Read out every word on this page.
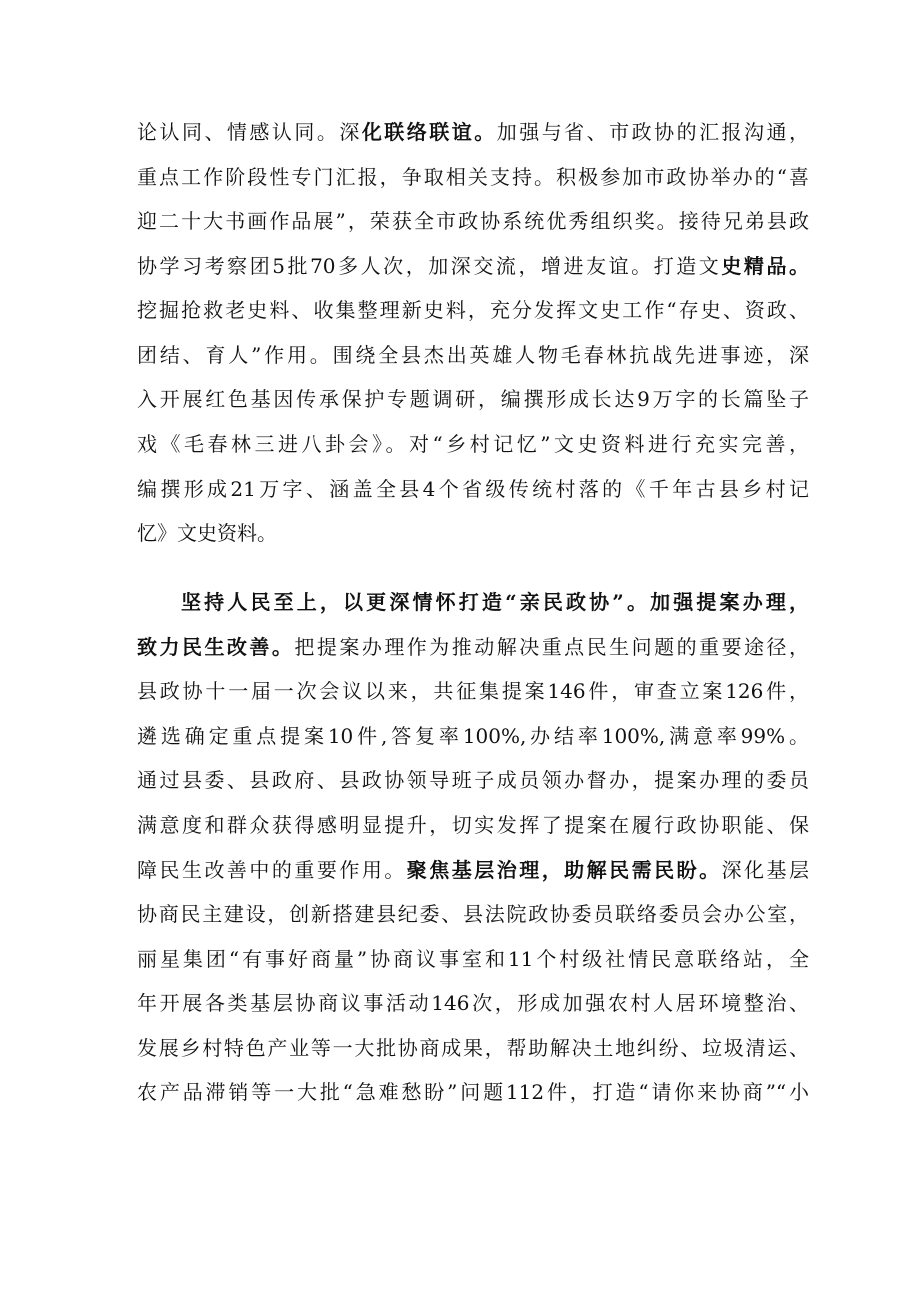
论认同、情感认同。深化联络联谊。加强与省、市政协的汇报沟通，
重点工作阶段性专门汇报，争取相关支持。积极参加市政协举办的“喜
迎二十大书画作品展”，荣获全市政协系统优秀组织奖。接待兄弟县政
协学习考察团5批70多人次，加深交流，增进友谊。打造文史精品。
挖掘抢救老史料、收集整理新史料，充分发挥文史工作“存史、资政、
团结、育人”作用。围绕全县杰出英雄人物毛春林抗战先进事迹，深
入开展红色基因传承保护专题调研，编撰形成长达9万字的长篇坠子
戏《毛春林三进八卦会》。对“乡村记忆”文史资料进行充实完善，
编撰形成21万字、涵盖全县4个省级传统村落的《千年古县乡村记
忆》文史资料。
坚持人民至上，以更深情怀打造“亲民政协”。加强提案办理，
致力民生改善。把提案办理作为推动解决重点民生问题的重要途径，
县政协十一届一次会议以来，共征集提案146件，审查立案126件，
遴选确定重点提案10件,答复率100%,办结率100%,满意率99%。
通过县委、县政府、县政协领导班子成员领办督办，提案办理的委员
满意度和群众获得感明显提升，切实发挥了提案在履行政协职能、保
障民生改善中的重要作用。聚焦基层治理，助解民需民盼。深化基层
协商民主建设，创新搭建县纪委、县法院政协委员联络委员会办公室，
丽星集团“有事好商量”协商议事室和11个村级社情民意联络站，全
年开展各类基层协商议事活动146次，形成加强农村人居环境整治、
发展乡村特色产业等一大批协商成果，帮助解决土地纠纷、垃圾清运、
农产品滞销等一大批“急难愁盼”问题112件，打造“请你来协商”“小
